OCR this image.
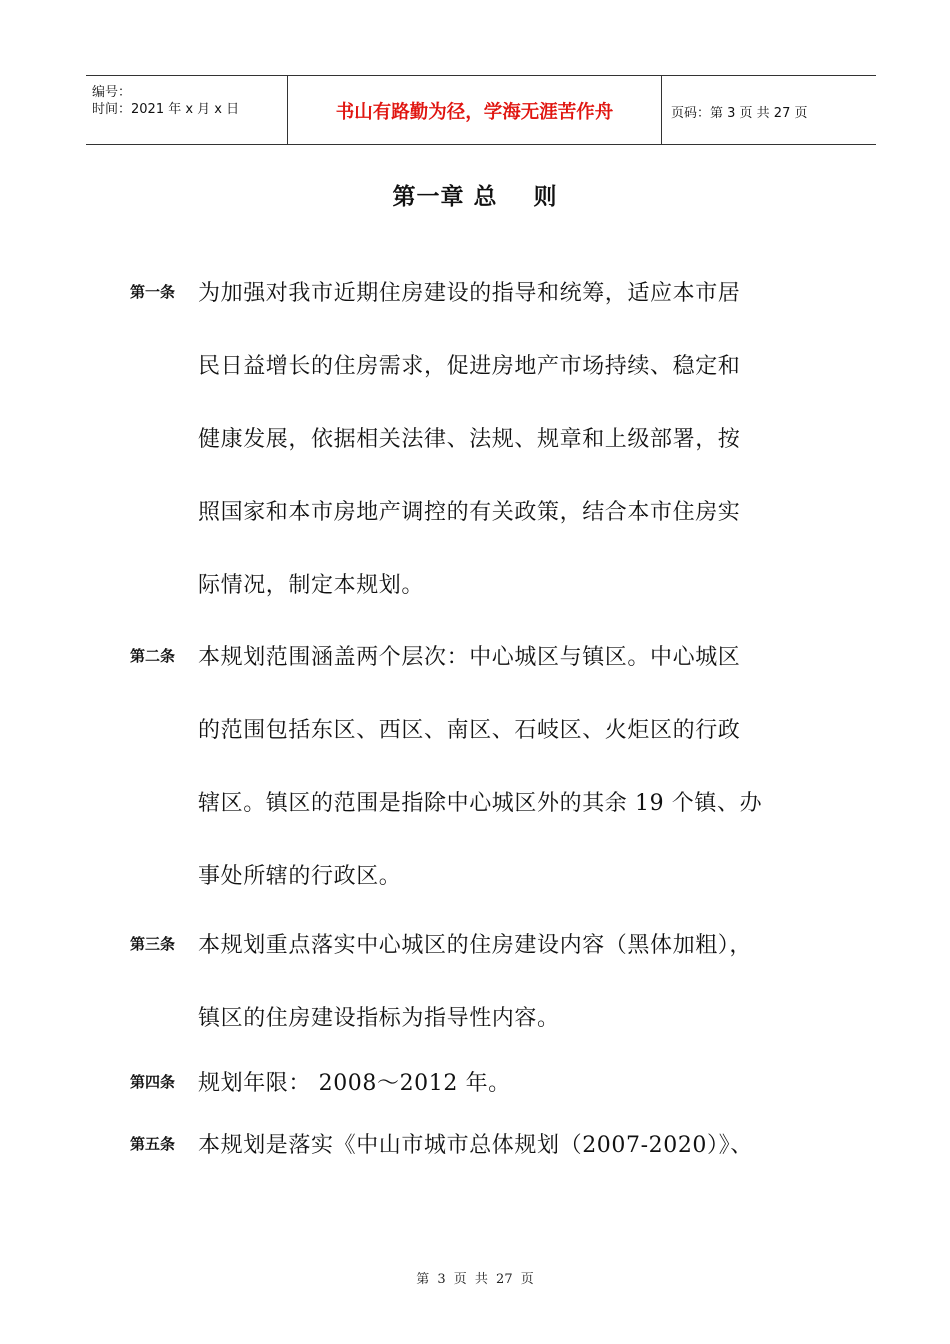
编号：
时间：2021 年 x 月 x 日	书山有路勤为径，学海无涯苦作舟	页码：第 3 页 共 27 页
第一章 总    则
第一条 为加强对我市近期住房建设的指导和统筹，适应本市居
民日益增长的住房需求，促进房地产市场持续、稳定和
健康发展，依据相关法律、法规、规章和上级部署，按
照国家和本市房地产调控的有关政策，结合本市住房实
际情况，制定本规划。
第二条 本规划范围涵盖两个层次：中心城区与镇区。中心城区
的范围包括东区、西区、南区、石岐区、火炬区的行政
辖区。镇区的范围是指除中心城区外的其余 19 个镇、办
事处所辖的行政区。
第三条 本规划重点落实中心城区的住房建设内容（黑体加粗），
镇区的住房建设指标为指导性内容。
第四条 规划年限： 2008～2012 年。
第五条 本规划是落实《中山市城市总体规划（2007-2020）》、
第 3 页 共 27 页
